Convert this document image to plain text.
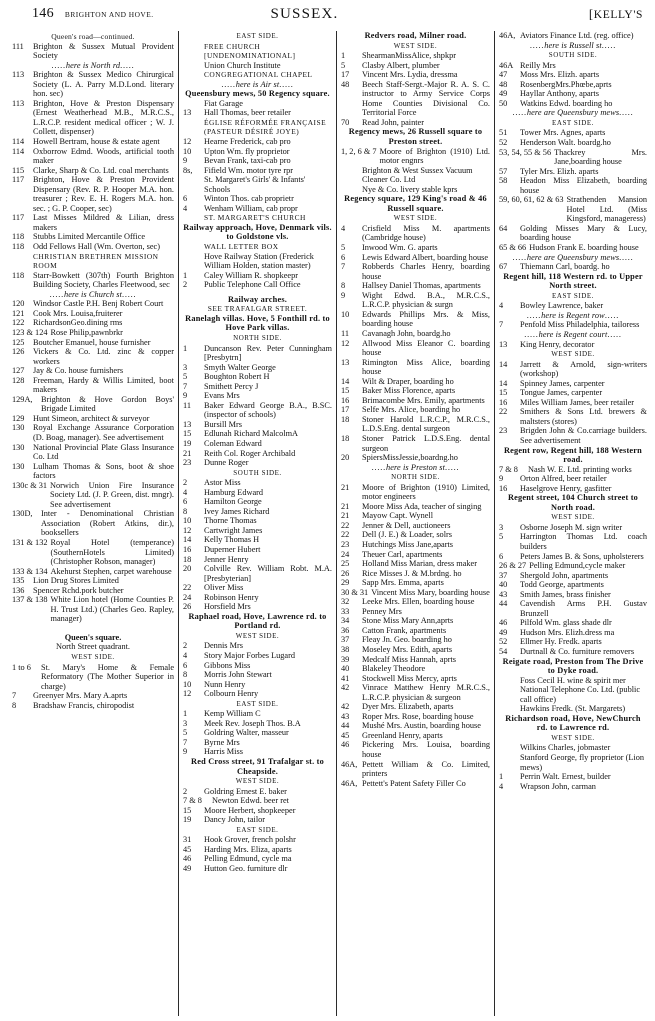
146 BRIGHTON AND HOVE.	SUSSEX.	[KELLY'S
Queen's road—continued.
111	Brighton & Sussex Mutual Provident Society
.....here is North rd.....
113	Brighton & Sussex Medico Chirurgical Society (L. A. Parry M.D.Lond. literary hon. sec)
113	Brighton, Hove & Preston Dispensary (Ernest Weatherhead M.B., M.R.C.S., L.R.C.P. resident medical officer ; W. J. Collett, dispenser)
114	Howell Bertram, house & estate agent
114	Oxborrow Edmd. Woods, artificial tooth maker
115	Clarke, Sharp & Co. Ltd. coal merchants
117	Brighton, Hove & Preston Provident Dispensary (Rev. R. P. Hooper M.A. hon. treasurer ; Rev. E. H. Rogers M.A. hon. sec. ; G. P. Cooper, sec)
117	Last Misses Mildred & Lilian, dress makers
118	Stubbs Limited Mercantile Office
118	Odd Fellows Hall (Wm. Overton, sec)
CHRISTIAN BRETHREN MISSION ROOM
118	Starr-Bowkett (307th) Fourth Brighton Building Society, Charles Fleetwood, sec
.....here is Church st.....
120	Windsor Castle P.H. Benj Robert Court
121	Cook Mrs. Louisa,fruiterer
122	RichardsonGeo.dining rms
123 & 124 Rose Philip,pawnbrkr
125	Boutcher Emanuel, house furnisher
126	Vickers & Co. Ltd. zinc & copper workers
127	Jay & Co. house furnishers
128	Freeman, Hardy & Willis Limited, boot makers
129A,	Brighton & Hove Gordon Boys' Brigade Limited
129	Hunt Simeon, architect & surveyor
130	Royal Exchange Assurance Corporation (D. Boag, manager). See advertisement
130	National Provincial Plate Glass Insurance Co. Ltd
130	Lulham Thomas & Sons, boot & shoe factors
130c & 31 Norwich Union Fire Insurance Society Ltd. (J. P. Green, dist. mngr). See advertisement
130D,	Inter - Denominational Christian Association (Robert Atkins, dir.), booksellers
131 & 132 Royal Hotel (temperance) (SouthernHotels Limited) (Christopher Robson, manager)
133 & 134 Akehurst Stephen, carpet warehouse
135	Lion Drug Stores Limited
136	Spencer Rchd.pork butcher
137 & 138 White Lion hotel (Home Counties P. H. Trust Ltd.) (Charles Geo. Rapley, manager)
Queen's square.
North Street quadrant.
WEST SIDE.
1 to 6	St. Mary's Home & Female Reformatory (The Mother Superior in charge)
7	Greenyer Mrs. Mary A.aprts
8	Bradshaw Francis, chiropodist
EAST SIDE.
FREE CHURCH [UNDENOMINATIONAL]
Union Church Institute
CONGREGATIONAL CHAPEL
.....here is Air st.....
Queensbury mews, 50 Regency square.
Fiat Garage
13	Hall Thomas, beer retailer
ÉGLISE RÉFORMÉE FRANÇAISE (PASTEUR DÉSIRÉ JOYE)
12	Hearne Frederick, cab pro
10	Upton Wm. fly proprietor
9	Bevan Frank, taxi-cab pro
8s,	Fifield Wm. motor tyre rpr
St. Margaret's Girls' & Infants' Schools
6	Winton Thos. cab proprietr
4	Wenham William, cab propr
ST. MARGARET'S CHURCH
Railway approach, Hove, Denmark vils. to Goldstone vls.
WALL LETTER BOX
Hove Railway Station (Frederick William Holden, station master)
1	Caley William R. shopkeepr
2	Public Telephone Call Office
Railway arches.
SEE TRAFALGAR STREET.
Ranelagh villas. Hove, 5 Fonthill rd. to Hove Park villas.
NORTH SIDE.
1	Duncanson Rev. Peter Cunningham [Presbytrn]
3	Smyth Walter George
5	Boughton Robert H
7	Smithett Percy J
9	Evans Mrs
11	Baker Edward George B.A., B.SC. (inspector of schools)
13	Bursill Mrs
15	Edlunah Richard MalcolmA
19	Coleman Edward
21	Reith Col. Roger Archibald
23	Dunne Roger
SOUTH SIDE.
2	Astor Miss
4	Hamburg Edward
6	Hamilton George
8	Ivey James Richard
10	Thorne Thomas
12	Cartwright James
14	Kelly Thomas H
16	Duperner Hubert
18	Jenner Henry
20	Colville Rev. William Robt. M.A. [Presbyterian]
22	Oliver Miss
24	Robinson Henry
26	Horsfield Mrs
Raphael road, Hove, Lawrence rd. to Portland rd.
WEST SIDE.
2	Dennis Mrs
4	Story Major Forbes Lugard
6	Gibbons Miss
8	Morris John Stewart
10	Nunn Henry
12	Colbourn Henry
EAST SIDE.
1	Kemp William C
3	Meek Rev. Joseph Thos. B.A
5	Goldring Walter, masseur
7	Byrne Mrs
9	Harris Miss
Red Cross street, 91 Trafalgar st. to Cheapside.
WEST SIDE.
2	Goldring Ernest E. baker
7 & 8	Newton Edwd. beer ret
15	Moore Herbert, shopkeeper
19	Dancy John, tailor
EAST SIDE.
31	Hook Grover, french polshr
45	Harding Mrs. Eliza, aparts
46	Pelling Edmund, cycle ma
49	Hutton Geo. furniture dlr
Redvers road, Milner road.
WEST SIDE.
1	ShearmanMissAlice, shpkpr
5	Clasby Albert, plumber
17	Vincent Mrs. Lydia, dressma
48	Beech Staff-Sergt.-Major R. A. S. C. instructor to Army Service Corps Home Counties Divisional Co. Territorial Force
70	Read John, painter
Regency mews, 26 Russell square to Preston street.
1, 2, 6 & 7 Moore of Brighton (1910) Ltd. motor engnrs
Brighton & West Sussex Vacuum Cleaner Co. Ltd
Nye & Co. livery stable kprs
Regency square, 129 King's road & 46 Russell square.
WEST SIDE.
4	Crisfield Miss M. apartments (Cambridge house)
5	Inwood Wm. G. aparts
6	Lewis Edward Albert, boarding house
7	Robberds Charles Henry, boarding house
8	Hallsey Daniel Thomas, apartments
9	Wight Edwd. B.A., M.R.C.S., L.R.C.P. physician & surgn
10	Edwards Phillips Mrs. & Miss, boarding house
11	Cavanagh John, boardg.ho
12	Allwood Miss Eleanor C. boarding house
13	Rimington Miss Alice, boarding house
14	Wilt & Draper, boarding ho
15	Baker Miss Florence, aparts
16	Brimacombe Mrs. Emily, apartments
17	Selfe Mrs. Alice, boarding ho
18	Stoner Harold L.R.C.P., M.R.C.S., L.D.S.Eng. dental surgeon
18	Stoner Patrick L.D.S.Eng. dental surgeon
20	SpiersMissJessie,boardng.ho
.....here is Preston st.....
NORTH SIDE.
21	Moore of Brighton (1910) Limited, motor engineers
21	Moore Miss Ada, teacher of singing
21	Mayow Capt. Wynell
22	Jenner & Dell, auctioneers
22	Dell (J. E.) & Loader, solrs
23	Hutchings Miss Jane,aparts
24	Theuer Carl, apartments
25	Holland Miss Marian, dress maker
26	Rice Misses J. & M.brdng. ho
29	Sapp Mrs. Emma, aparts
30 & 31 Vincent Miss Mary, boarding house
32	Leeke Mrs. Ellen, boarding house
33	Penney Mrs
34	Stone Miss Mary Ann,aprts
36	Catton Frank, apartments
37	Fleay Jn. Geo. boarding ho
38	Moseley Mrs. Edith, aparts
39	Medcalf Miss Hannah, aprts
40	Blakeley Theodore
41	Stockwell Miss Mercy, aprts
42	Vinrace Matthew Henry M.R.C.S., L.R.C.P. physician & surgeon
42	Dyer Mrs. Elizabeth, aparts
43	Roper Mrs. Rose, boarding house
44	Mushé Mrs. Austin, boarding house
45	Greenland Henry, aparts
46	Pickering Mrs. Louisa, boarding house
46A, Pettett William & Co. Limited, printers
46A, Pettett's Patent Safety Filler Co
46A, Aviators Finance Ltd. (reg. office)
.....here is Russell st.....
SOUTH SIDE.
46A Reilly Mrs
47	Moss Mrs. Elizh. aparts
48	RosenbergMrs.Phœbe,aprts
49	Hayllar Anthony, aparts
50	Watkins Edwd. boarding ho
.....here are Queensbury mews.....
EAST SIDE.
51	Tower Mrs. Agnes, aparts
52	Henderson Walt. boardg.ho
53, 54, 55 & 56 Thackrey Mrs. Jane,boarding house
57	Tyler Mrs. Elizh. aparts
58	Headon Miss Elizabeth, boarding house
59, 60, 61, 62 & 63 Strathenden Mansion Hotel Ltd. (Miss Kingsford, manageress)
64	Golding Misses Mary & Lucy, boarding house
65 & 66 Hudson Frank E. boarding house
.....here are Queensbury mews.....
67	Thiemann Carl, boardg. ho
Regent hill, 118 Western rd. to Upper North street.
EAST SIDE.
4	Bowley Lawrence, baker
.....here is Regent row.....
7	Penfold Miss Philadelphia, tailoress
.....here is Regent court.....
13	King Henry, decorator
WEST SIDE.
14	Jarrett & Arnold, sign-writers (workshop)
14	Spinney James, carpenter
15	Tongue James, carpenter
16	Miles William James, beer retailer
22	Smithers & Sons Ltd. brewers & maltsters (stores)
23	Brigden John & Co.carriage builders. See advertisement
Regent row, Regent hill, 188 Western road.
7 & 8	Nash W. E. Ltd. printing works
9	Orton Alfred, beer retailer
16	Haselgrove Henry, gasfitter
Regent street, 104 Church street to North road.
WEST SIDE.
3	Osborne Joseph M. sign writer
5	Harrington Thomas Ltd. coach builders
6	Peters James B. & Sons, upholsterers
26 & 27 Pelling Edmund,cycle maker
37	Shergold John, apartments
40	Todd George, apartments
43	Smith James, brass finisher
44	Cavendish Arms P.H. Gustav Brunzell
46	Pilfold Wm. glass shade dlr
49	Hudson Mrs. Elizh.dress ma
52	Ellmer Hy. Fredk. aparts
54	Durtnall & Co. furniture removers
Reigate road, Preston from The Drive to Dyke road.
Foss Cecil H. wine & spirit mer
National Telephone Co. Ltd. (public call office)
Hawkins Fredk. (St. Margarets)
Richardson road, Hove, NewChurch rd. to Lawrence rd.
WEST SIDE.
Wilkins Charles, jobmaster
Stanford George, fly proprietor (Lion mews)
1	Perrin Walt. Ernest, builder
4	Wrapson John, carman
